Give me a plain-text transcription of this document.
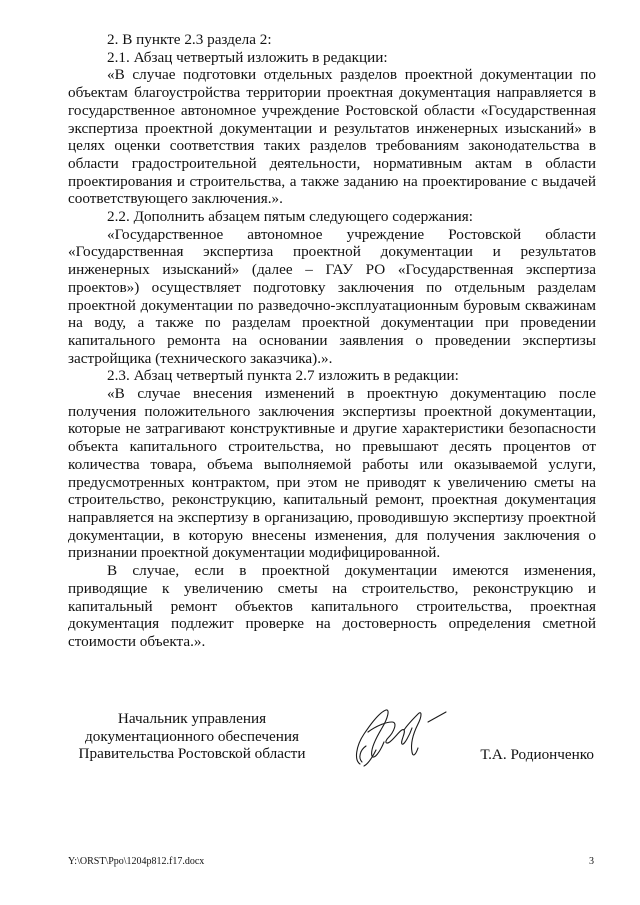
2. В пункте 2.3 раздела 2:

2.1. Абзац четвертый изложить в редакции:

«В случае подготовки отдельных разделов проектной документации по объектам благоустройства территории проектная документация направляется в государственное автономное учреждение Ростовской области «Государственная экспертиза проектной документации и результатов инженерных изысканий» в целях оценки соответствия таких разделов требованиям законодательства в области градостроительной деятельности, нормативным актам в области проектирования и строительства, а также заданию на проектирование с выдачей соответствующего заключения.».

2.2. Дополнить абзацем пятым следующего содержания:

«Государственное автономное учреждение Ростовской области «Государственная экспертиза проектной документации и результатов инженерных изысканий» (далее – ГАУ РО «Государственная экспертиза проектов») осуществляет подготовку заключения по отдельным разделам проектной документации по разведочно-эксплуатационным буровым скважинам на воду, а также по разделам проектной документации при проведении капитального ремонта на основании заявления о проведении экспертизы застройщика (технического заказчика).».

2.3. Абзац четвертый пункта 2.7 изложить в редакции:

«В случае внесения изменений в проектную документацию после получения положительного заключения экспертизы проектной документации, которые не затрагивают конструктивные и другие характеристики безопасности объекта капитального строительства, но превышают десять процентов от количества товара, объема выполняемой работы или оказываемой услуги, предусмотренных контрактом, при этом не приводят к увеличению сметы на строительство, реконструкцию, капитальный ремонт, проектная документация направляется на экспертизу в организацию, проводившую экспертизу проектной документации, в которую внесены изменения, для получения заключения о признании проектной документации модифицированной.

В случае, если в проектной документации имеются изменения, приводящие к увеличению сметы на строительство, реконструкцию и капитальный ремонт объектов капитального строительства, проектная документация подлежит проверке на достоверность определения сметной стоимости объекта.».

Начальник управления
документационного обеспечения
Правительства Ростовской области	Т.А. Родионченко
Y:\ORST\Ppo\1204p812.f17.docx	3
